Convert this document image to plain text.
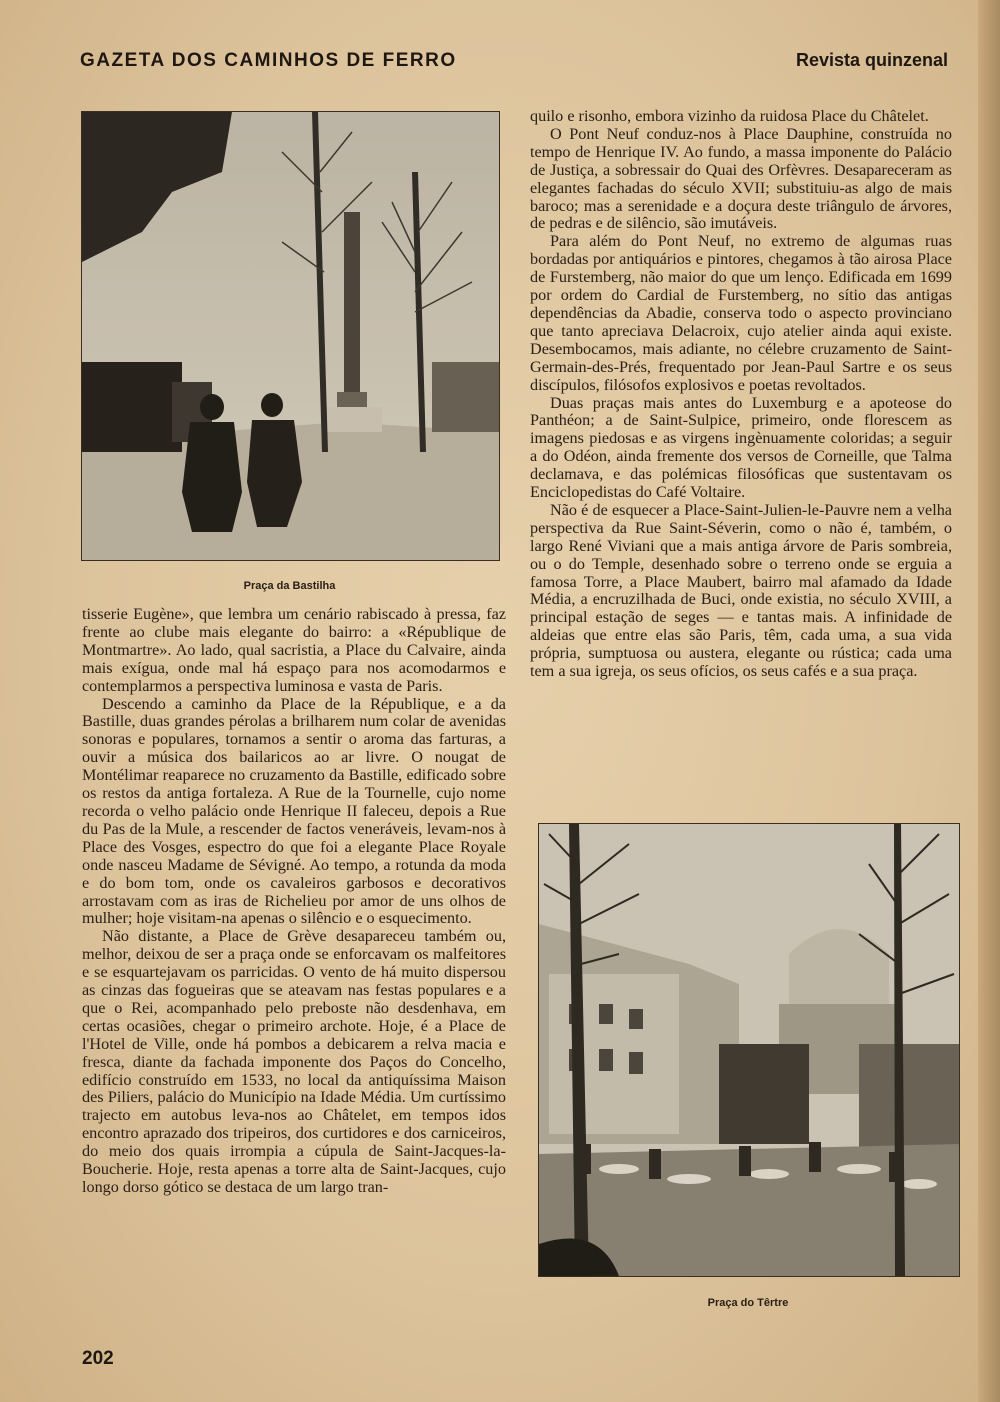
GAZETA DOS CAMINHOS DE FERRO	Revista quinzenal
Praça da Bastilha
Praça do Têrtre

tisserie Eugène», que lembra um cenário rabiscado à pressa, faz frente ao clube mais elegante do bairro: a «République de Montmartre». Ao lado, qual sacristia, a Place du Calvaire, ainda mais exígua, onde mal há espaço para nos acomodarmos e contemplarmos a perspectiva luminosa e vasta de Paris.

Descendo a caminho da Place de la République, e a da Bastille, duas grandes pérolas a brilharem num colar de avenidas sonoras e populares, tornamos a sentir o aroma das farturas, a ouvir a música dos bailaricos ao ar livre. O nougat de Montélimar reaparece no cruzamento da Bastille, edificado sobre os restos da antiga fortaleza. A Rue de la Tournelle, cujo nome recorda o velho palácio onde Henrique II faleceu, depois a Rue du Pas de la Mule, a rescender de factos veneráveis, levam-nos à Place des Vosges, espectro do que foi a elegante Place Royale onde nasceu Madame de Sévigné. Ao tempo, a rotunda da moda e do bom tom, onde os cavaleiros garbosos e decorativos arrostavam com as iras de Richelieu por amor de uns olhos de mulher; hoje visitam-na apenas o silêncio e o esquecimento.

Não distante, a Place de Grève desapareceu também ou, melhor, deixou de ser a praça onde se enforcavam os malfeitores e se esquartejavam os parricidas. O vento de há muito dispersou as cinzas das fogueiras que se ateavam nas festas populares e a que o Rei, acompanhado pelo preboste não desdenhava, em certas ocasiões, chegar o primeiro archote. Hoje, é a Place de l'Hotel de Ville, onde há pombos a debicarem a relva macia e fresca, diante da fachada imponente dos Paços do Concelho, edifício construído em 1533, no local da antiquíssima Maison des Piliers, palácio do Município na Idade Média. Um curtíssimo trajecto em autobus leva-nos ao Châtelet, em tempos idos encontro aprazado dos tripeiros, dos curtidores e dos carniceiros, do meio dos quais irrompia a cúpula de Saint-Jacques-la-Boucherie. Hoje, resta apenas a torre alta de Saint-Jacques, cujo longo dorso gótico se destaca de um largo tran-

quilo e risonho, embora vizinho da ruidosa Place du Châtelet.

O Pont Neuf conduz-nos à Place Dauphine, construída no tempo de Henrique IV. Ao fundo, a massa imponente do Palácio de Justiça, a sobressair do Quai des Orfèvres. Desapareceram as elegantes fachadas do século XVII; substituiu-as algo de mais baroco; mas a serenidade e a doçura deste triângulo de árvores, de pedras e de silêncio, são imutáveis.

Para além do Pont Neuf, no extremo de algumas ruas bordadas por antiquários e pintores, chegamos à tão airosa Place de Furstemberg, não maior do que um lenço. Edificada em 1699 por ordem do Cardial de Furstemberg, no sítio das antigas dependências da Abadie, conserva todo o aspecto provinciano que tanto apreciava Delacroix, cujo atelier ainda aqui existe. Desembocamos, mais adiante, no célebre cruzamento de Saint-Germain-des-Prés, frequentado por Jean-Paul Sartre e os seus discípulos, filósofos explosivos e poetas revoltados.

Duas praças mais antes do Luxemburg e a apoteose do Panthéon; a de Saint-Sulpice, primeiro, onde florescem as imagens piedosas e as virgens ingènuamente coloridas; a seguir a do Odéon, ainda fremente dos versos de Corneille, que Talma declamava, e das polémicas filosóficas que sustentavam os Enciclopedistas do Café Voltaire.

Não é de esquecer a Place-Saint-Julien-le-Pauvre nem a velha perspectiva da Rue Saint-Séverin, como o não é, também, o largo René Viviani que a mais antiga árvore de Paris sombreia, ou o do Temple, desenhado sobre o terreno onde se erguia a famosa Torre, a Place Maubert, bairro mal afamado da Idade Média, a encruzilhada de Buci, onde existia, no século XVIII, a principal estação de seges — e tantas mais. A infinidade de aldeias que entre elas são Paris, têm, cada uma, a sua vida própria, sumptuosa ou austera, elegante ou rústica; cada uma tem a sua igreja, os seus ofícios, os seus cafés e a sua praça.

202
